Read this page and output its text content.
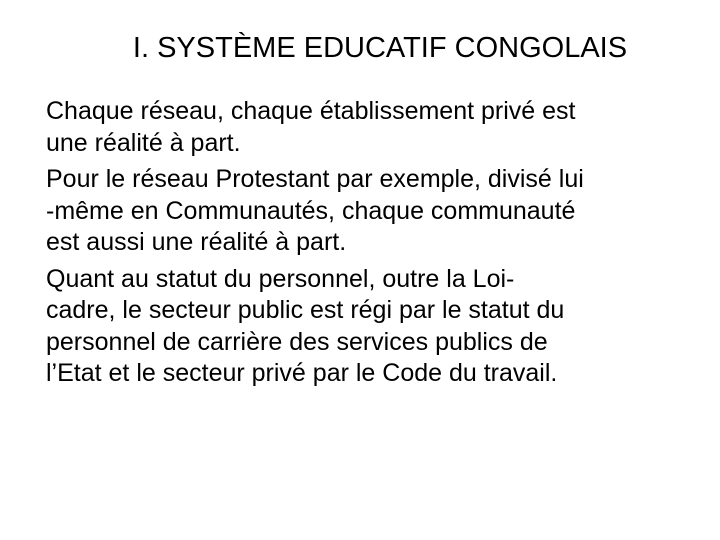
I. SYSTÈME EDUCATIF CONGOLAIS

Chaque réseau, chaque établissement privé est
une réalité à part.

Pour le réseau Protestant par exemple, divisé lui
-même en Communautés, chaque communauté
est aussi une réalité à part.

Quant au statut du personnel, outre la Loi-
cadre, le secteur public est régi par le statut du
personnel de carrière des services publics de
l’Etat et le secteur privé par le Code du travail.
